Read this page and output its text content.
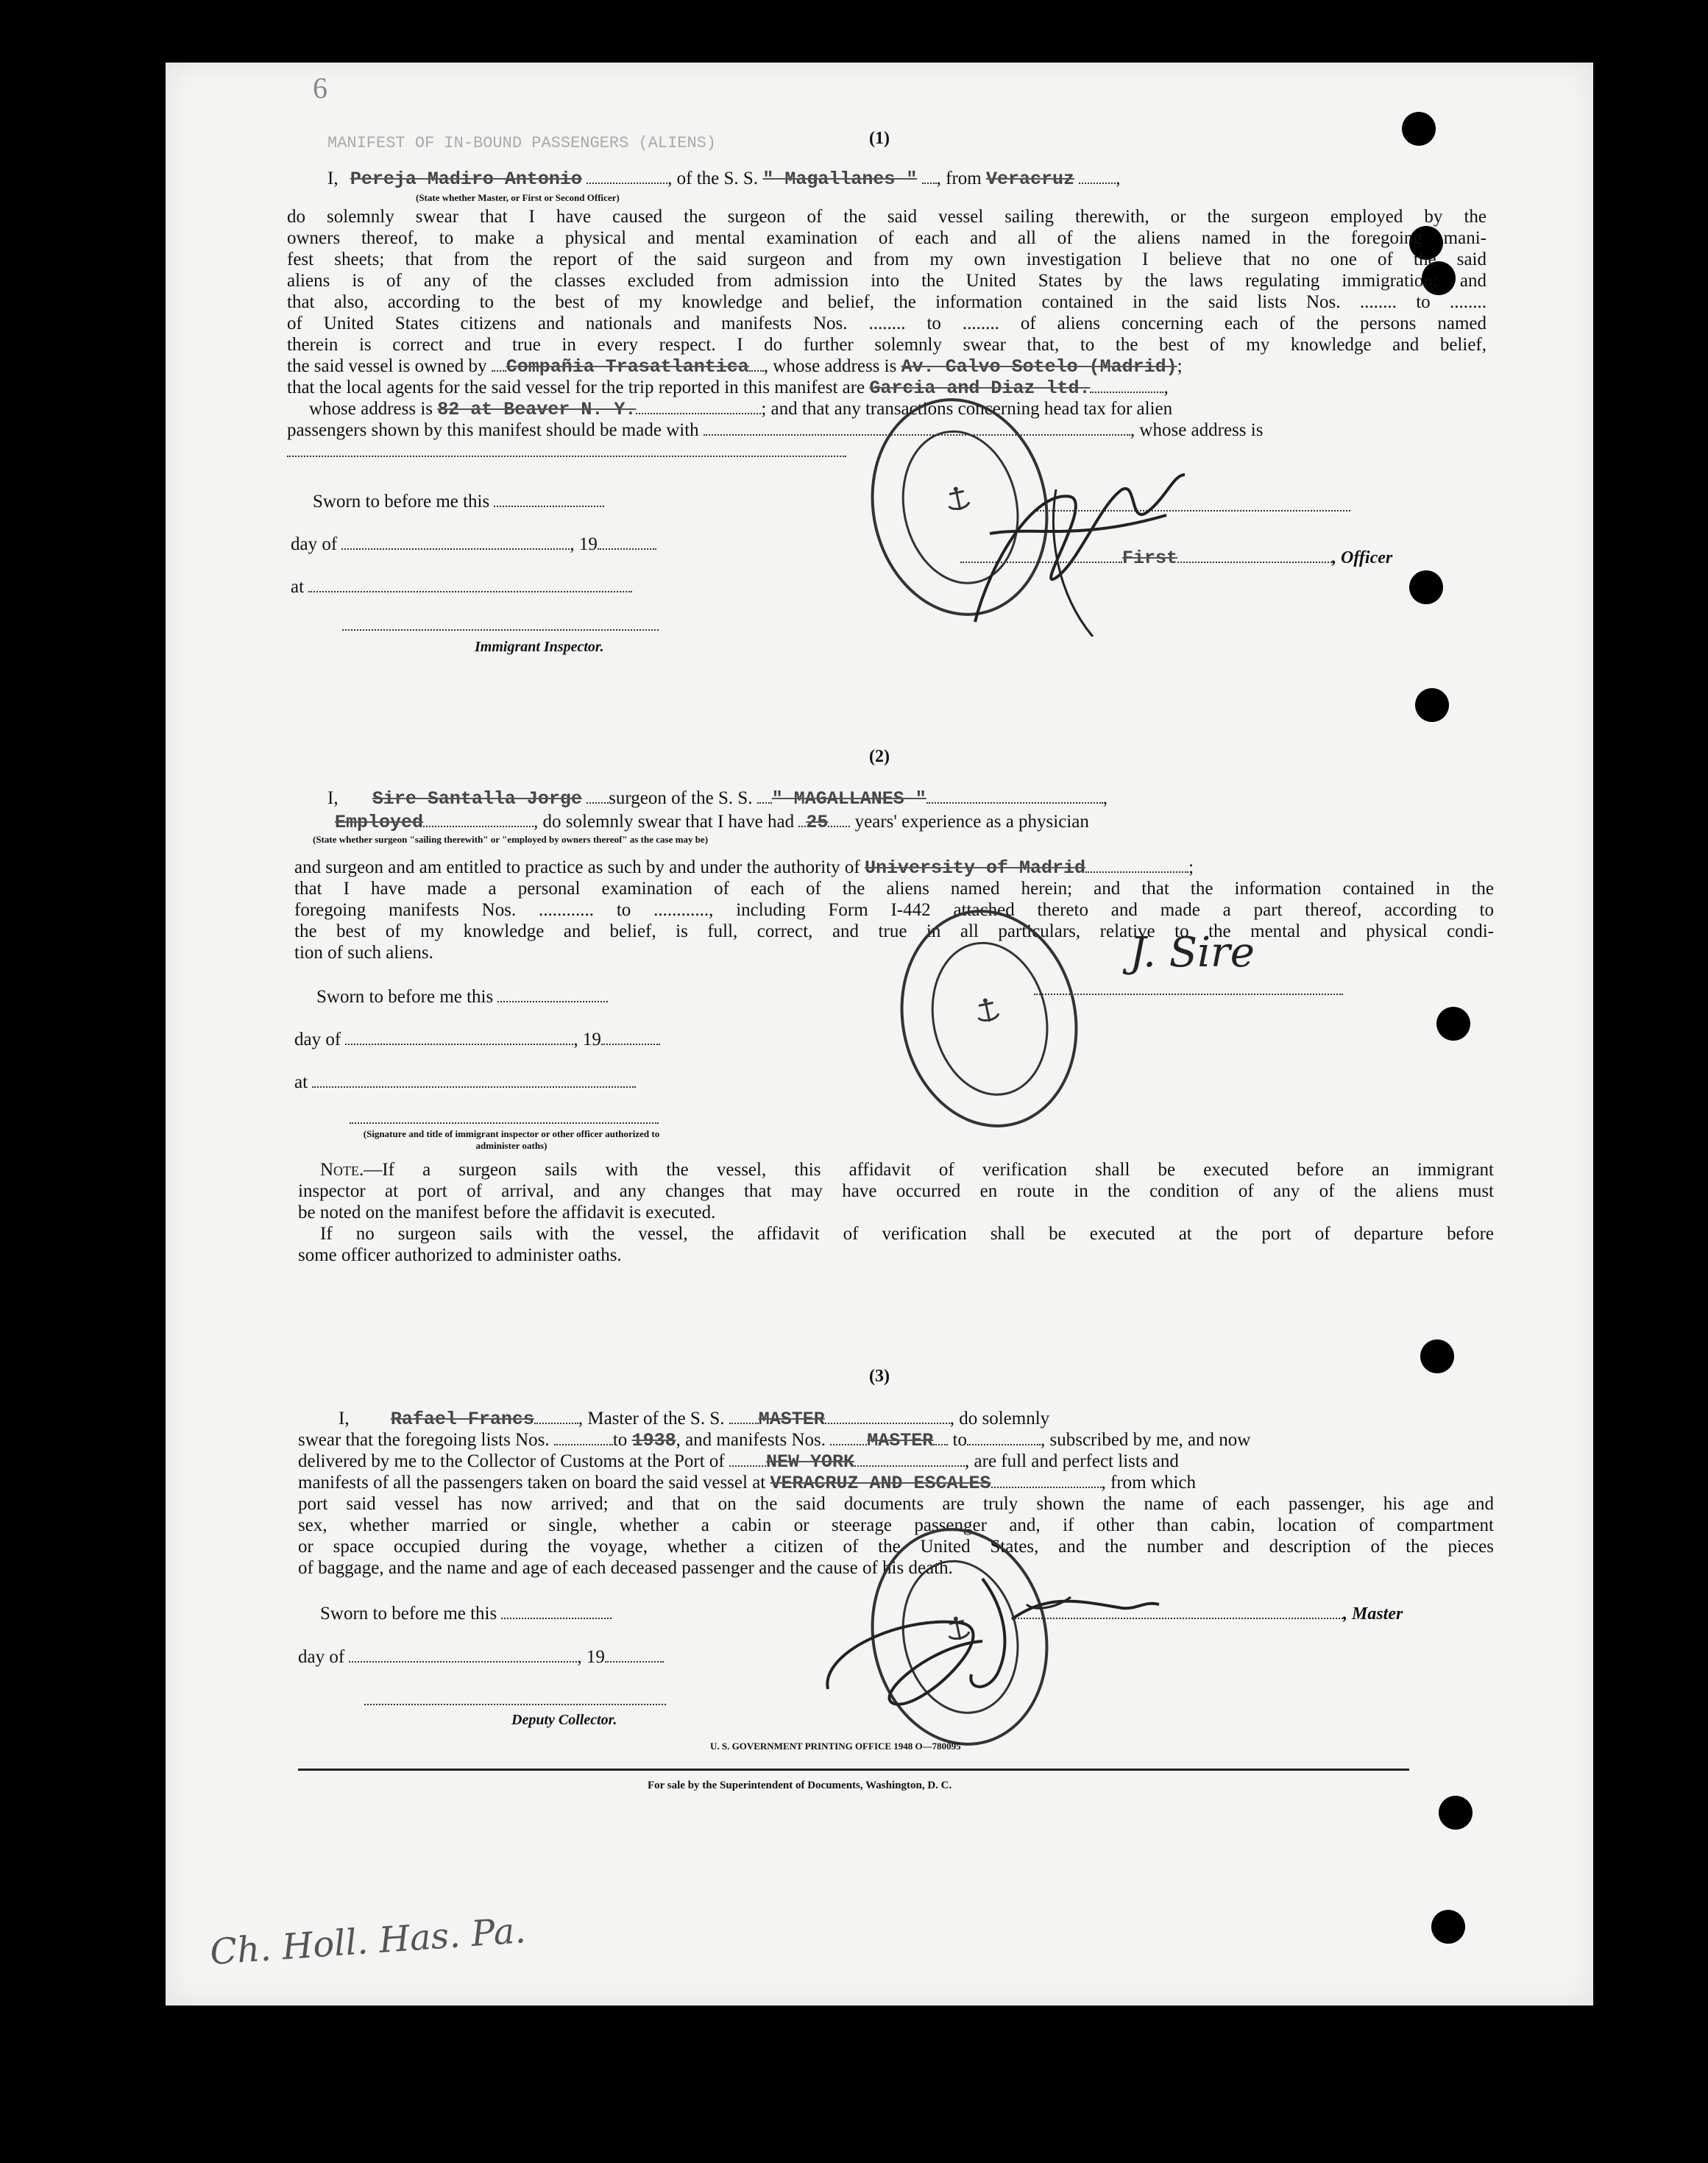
MANIFEST OF IN-BOUND PASSENGERS (ALIENS)
6
(1)
I, Pereja Madiro Antonio	, of the S. S. " Magallanes " , from Veracruz ,
(State whether Master, or First or Second Officer)
do solemnly swear that I have caused the surgeon of the said vessel sailing therewith, or the surgeon employed by the
owners thereof, to make a physical and mental examination of each and all of the aliens named in the foregoing mani-
fest sheets; that from the report of the said surgeon and from my own investigation I believe that no one of the said
aliens is of any of the classes excluded from admission into the United States by the laws regulating immigration; and
that also, according to the best of my knowledge and belief, the information contained in the said lists Nos. ........ to ........
of United States citizens and nationals and manifests Nos. ........ to ........ of aliens concerning each of the persons named
therein is correct and true in every respect. I do further solemnly swear that, to the best of my knowledge and belief,
the said vessel is owned by Compañia Trasatlantica , whose address is Av. Calvo Sotelo (Madrid);
that the local agents for the said vessel for the trip reported in this manifest are Garcia and Diaz ltd.	,
whose address is 82 at Beaver N. Y.	; and that any transactions concerning head tax for alien
passengers shown by this manifest should be made with	, whose address is
Sworn to before me this
day of	, 19
at
Immigrant Inspector.
First	, Officer
(2)
I, Sire Santalla Jorge surgeon of the S. S. " MAGALLANES "	,
Employed	, do solemnly swear that I have had 25 years' experience as a physician
(State whether surgeon "sailing therewith" or "employed by owners thereof" as the case may be)
and surgeon and am entitled to practice as such by and under the authority of University of Madrid	;
that I have made a personal examination of each of the aliens named herein; and that the information contained in the
foregoing manifests Nos. ............ to ............, including Form I-442 attached thereto and made a part thereof, according to
the best of my knowledge and belief, is full, correct, and true in all particulars, relative to the mental and physical condi-
tion of such aliens.	J. Sire
Sworn to before me this
day of	, 19
at
(Signature and title of immigrant inspector or other officer authorized to administer oaths)
Note.—If a surgeon sails with the vessel, this affidavit of verification shall be executed before an immigrant
inspector at port of arrival, and any changes that may have occurred en route in the condition of any of the aliens must
be noted on the manifest before the affidavit is executed.
If no surgeon sails with the vessel, the affidavit of verification shall be executed at the port of departure before
some officer authorized to administer oaths.
(3)
I, Rafael Francs , Master of the S. S. MASTER	, do solemnly
swear that the foregoing lists Nos.	to 1938, and manifests Nos. MASTER to	, subscribed by me, and now
delivered by me to the Collector of Customs at the Port of NEW YORK	, are full and perfect lists and
manifests of all the passengers taken on board the said vessel at VERACRUZ AND ESCALES	, from which
port said vessel has now arrived; and that on the said documents are truly shown the name of each passenger, his age and
sex, whether married or single, whether a cabin or steerage passenger and, if other than cabin, location of compartment
or space occupied during the voyage, whether a citizen of the United States, and the number and description of the pieces
of baggage, and the name and age of each deceased passenger and the cause of his death.
Sworn to before me this	, Master
day of	, 19
Deputy Collector.
U. S. GOVERNMENT PRINTING OFFICE 1948 O—780095
For sale by the Superintendent of Documents, Washington, D. C.
Ch. Holl. Has. Pa.
